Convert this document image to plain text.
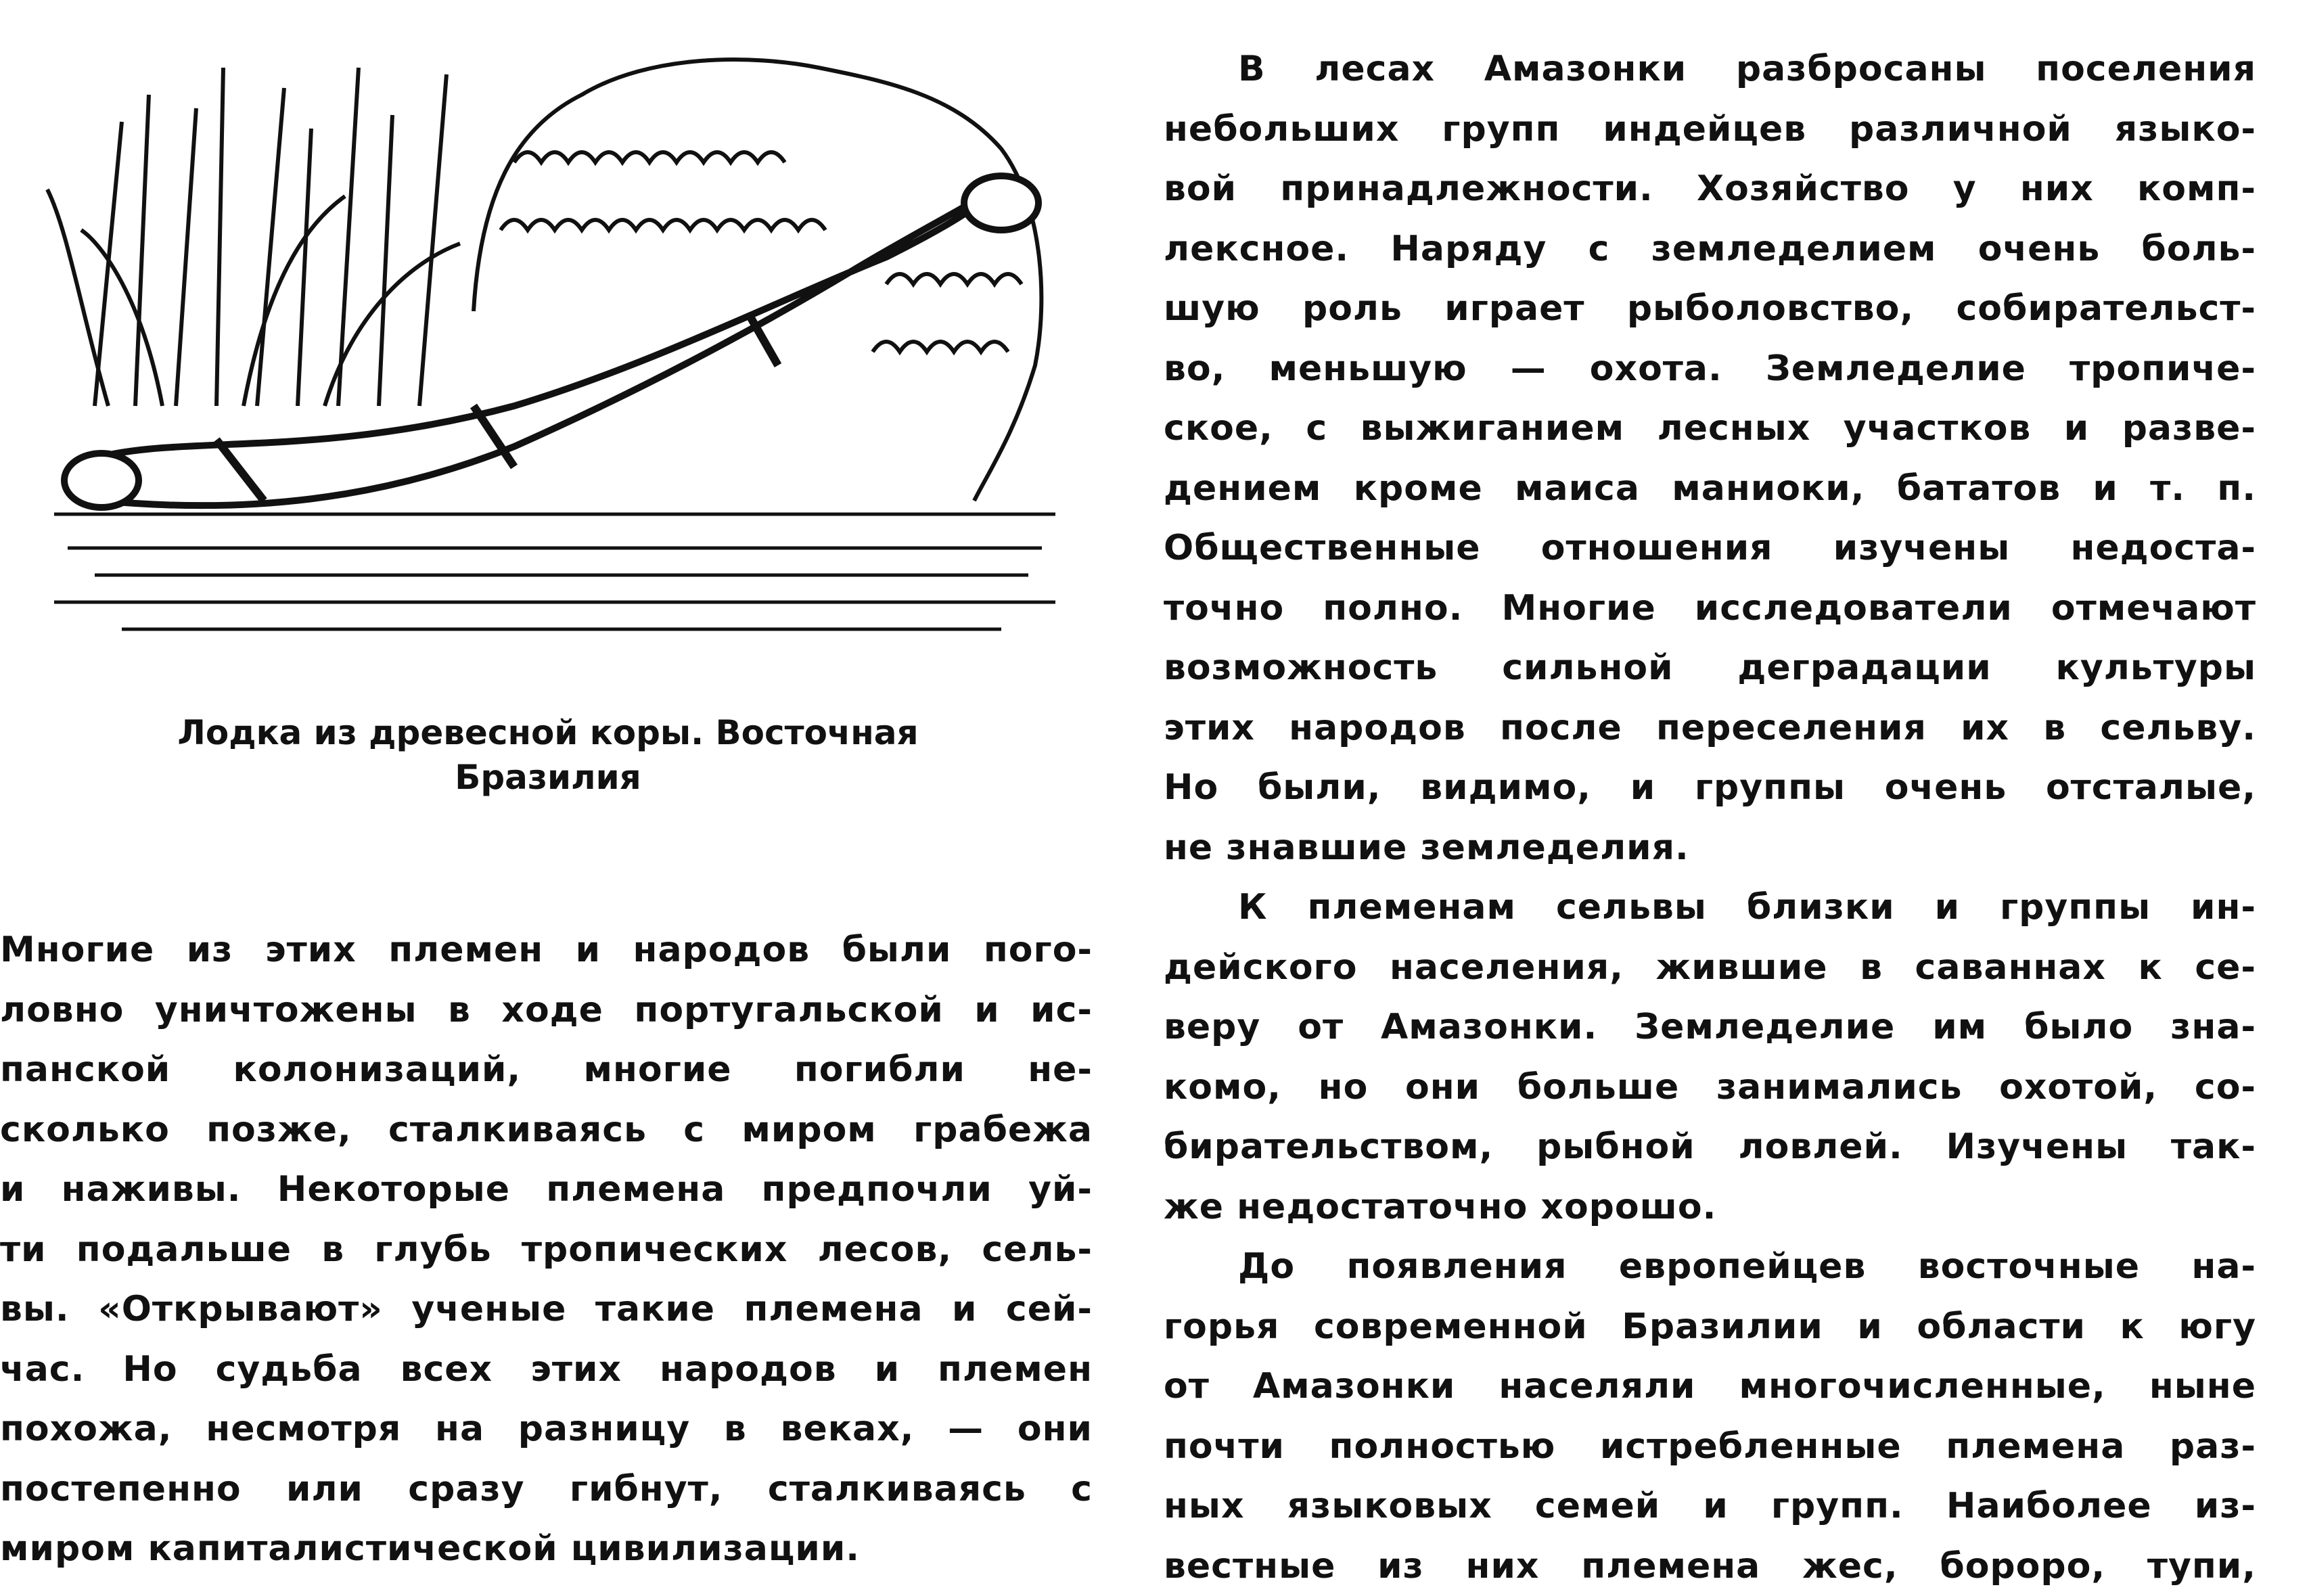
Лодка из древесной коры. Восточная
Бразилия

Многие из этих племен и народов были пого-
ловно уничтожены в ходе португальской и ис-
панской колонизаций, многие погибли не-
сколько позже, сталкиваясь с миром грабежа
и наживы. Некоторые племена предпочли уй-
ти подальше в глубь тропических лесов, сель-
вы. «Открывают» ученые такие племена и сей-
час. Но судьба всех этих народов и племен
похожа, несмотря на разницу в веках, — они
постепенно или сразу гибнут, сталкиваясь с
миром капиталистической цивилизации.

В лесах Амазонки разбросаны поселения
небольших групп индейцев различной языко-
вой принадлежности. Хозяйство у них комп-
лексное. Наряду с земледелием очень боль-
шую роль играет рыболовство, собирательст-
во, меньшую — охота. Земледелие тропиче-
ское, с выжиганием лесных участков и разве-
дением кроме маиса маниоки, бататов и т. п.
Общественные отношения изучены недоста-
точно полно. Многие исследователи отмечают
возможность сильной деградации культуры
этих народов после переселения их в сельву.
Но были, видимо, и группы очень отсталые,
не знавшие земледелия.

К племенам сельвы близки и группы ин-
дейского населения, жившие в саваннах к се-
веру от Амазонки. Земледелие им было зна-
комо, но они больше занимались охотой, со-
бирательством, рыбной ловлей. Изучены так-
же недостаточно хорошо.

До появления европейцев восточные на-
горья современной Бразилии и области к югу
от Амазонки населяли многочисленные, ныне
почти полностью истребленные племена раз-
ных языковых семей и групп. Наиболее из-
вестные из них племена жес, бороро, тупи,
